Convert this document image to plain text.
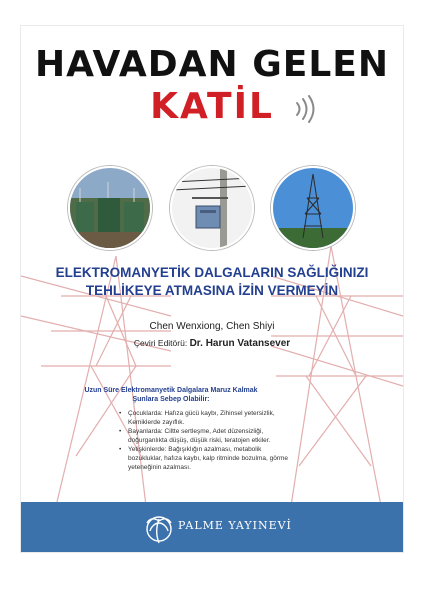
HAVADAN GELEN
KATİL
ELEKTROMANYETİK DALGALARIN SAĞLIĞINIZI
TEHLİKEYE ATMASINA İZİN VERMEYİN
Chen Wenxiong, Chen Shiyi
Çeviri Editörü: Dr. Harun Vatansever
Uzun Süre Elektromanyetik Dalgalara Maruz Kalmak Şunlara Sebep Olabilir:
• Çocuklarda: Hafıza gücü kaybı, Zihinsel yetersizlik, Kemiklerde zayıflık.
• Bayanlarda: Ciltte sertleşme, Adet düzensizliği, doğurganlıkta düşüş, düşük riski, teratojen etkiler.
• Yetişkinlerde: Bağışıklığın azalması, metabolik bozukluklar, hafıza kaybı, kalp ritminde bozulma, görme yeteneğinin azalması.
PALME YAYINEVİ
